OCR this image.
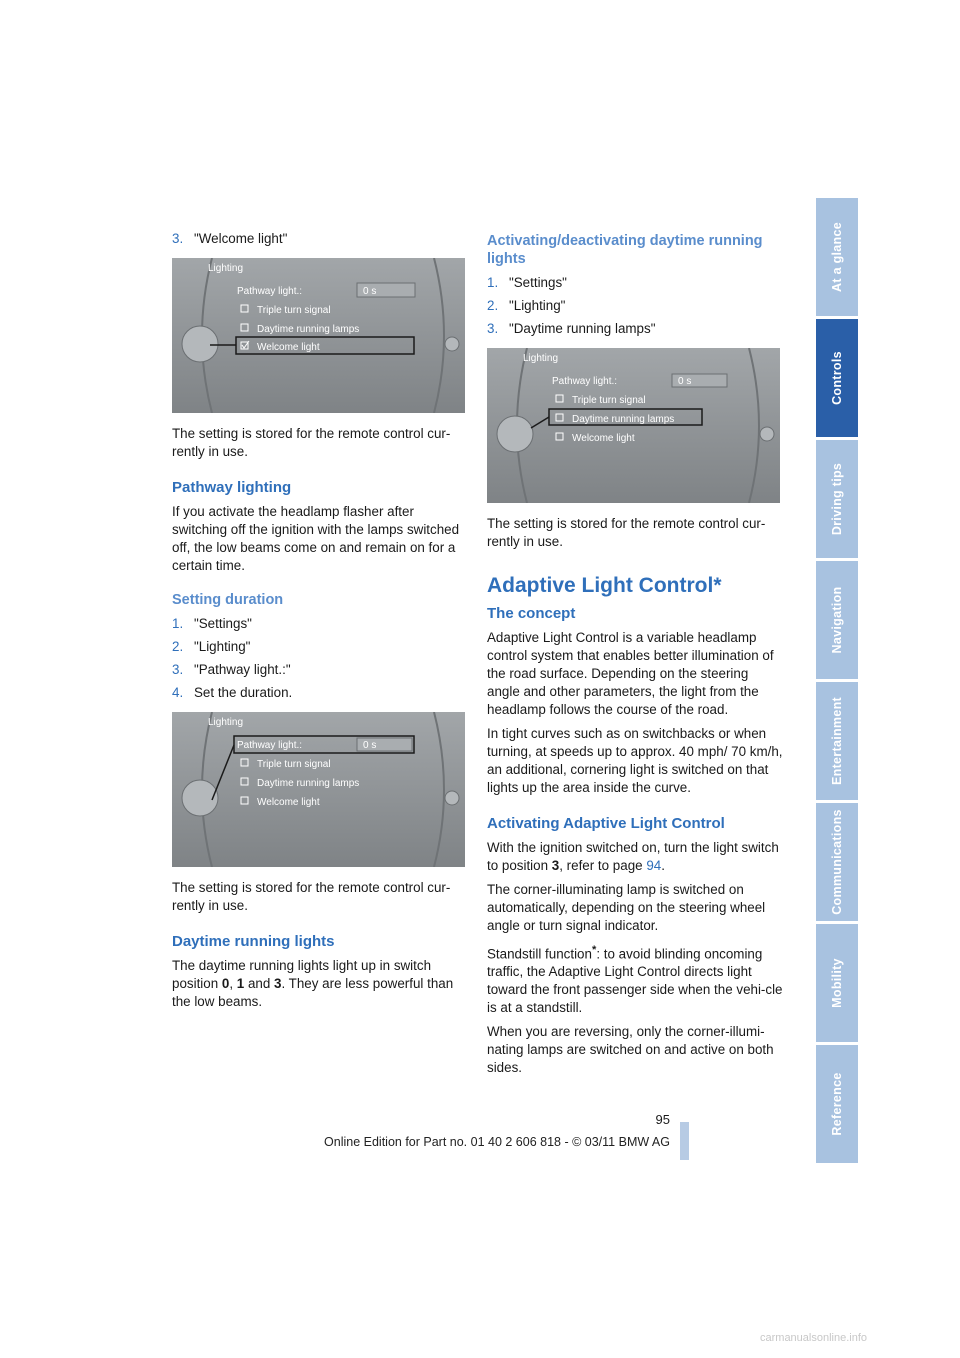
3. "Welcome light"
Lighting
Pathway light.:	0 s
Triple turn signal
Daytime running lamps
Welcome light

The setting is stored for the remote control cur-rently in use.

Pathway lighting

If you activate the headlamp flasher after switching off the ignition with the lamps switched off, the low beams come on and remain on for a certain time.

Setting duration
1. "Settings"
2. "Lighting"
3. "Pathway light.:"
4. Set the duration.
Lighting
Pathway light.:	0 s
Triple turn signal
Daytime running lamps
Welcome light

The setting is stored for the remote control cur-rently in use.

Daytime running lights

The daytime running lights light up in switch position 0, 1 and 3. They are less powerful than the low beams.

Activating/deactivating daytime running lights
1. "Settings"
2. "Lighting"
3. "Daytime running lamps"
Lighting
Pathway light.:	0 s
Triple turn signal
Daytime running lamps
Welcome light

The setting is stored for the remote control cur-rently in use.

Adaptive Light Control*
The concept

Adaptive Light Control is a variable headlamp control system that enables better illumination of the road surface. Depending on the steering angle and other parameters, the light from the headlamp follows the course of the road.

In tight curves such as on switchbacks or when turning, at speeds up to approx. 40 mph/ 70 km/h, an additional, cornering light is switched on that lights up the area inside the curve.

Activating Adaptive Light Control

With the ignition switched on, turn the light switch to position 3, refer to page 94.

The corner-illuminating lamp is switched on automatically, depending on the steering wheel angle or turn signal indicator.

Standstill function*: to avoid blinding oncoming traffic, the Adaptive Light Control directs light toward the front passenger side when the vehi-cle is at a standstill.

When you are reversing, only the corner-illumi-nating lamps are switched on and active on both sides.

At a glance
Controls
Driving tips
Navigation
Entertainment
Communications
Mobility
Reference
95
Online Edition for Part no. 01 40 2 606 818 - © 03/11 BMW AG
carmanualsonline.info
